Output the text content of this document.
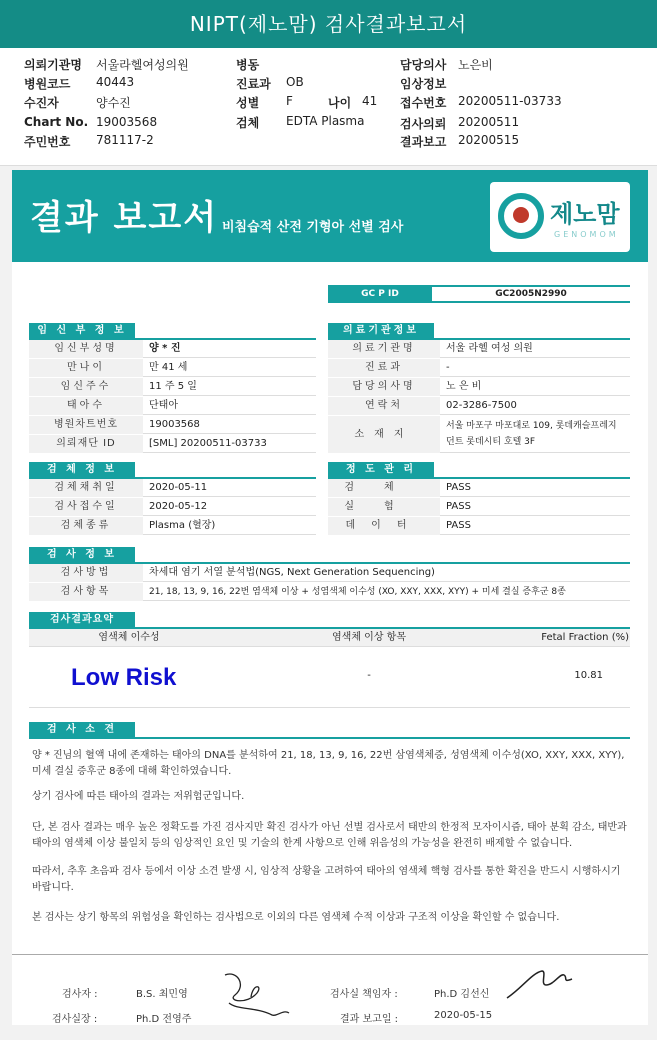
NIPT(제노맘) 검사결과보고서
의뢰기관명 서울라헬여성의원
병원코드 40443
수진자	양수진
Chart No. 19003568
주민번호 781117-2
병동
진료과 OB
성별 F	나이 41
검체 EDTA Plasma
담당의사 노은비
임상정보
접수번호 20200511-03733
검사의뢰 20200511
결과보고 20200515
결과 보고서 비침습적 산전 기형아 선별 검사	제노맘
GENOMOM
GC P ID	GC2005N2990
임 신 부 정 보
임신부성명	양 * 진
만나이	만 41 세
임신주수	11 주 5 일
태아수	단태아
병원차트번호	19003568
의뢰재단 ID	[SML] 20200511-03733
의료기관정보
의료기관명	서울 라헬 여성 의원
진료과	-
담당의사명	노 은 비
연락처	02-3286-7500
소재지
서울 마포구 마포대로 109, 롯데캐슬프레지
던트 롯데시티 호텔 3F
검 체 정 보
검체채취일	2020-05-11
검사접수일	2020-05-12
검체종류	Plasma (혈장)
정 도 관 리
검체	PASS
실험	PASS
데이터	PASS
검 사 정 보
검사방법	차세대 염기 서열 분석법(NGS, Next Generation Sequencing)
검사항목	21, 18, 13, 9, 16, 22번 염색체 이상 + 성염색체 이수성 (XO, XXY, XXX, XYY) + 미세 결실 증후군 8종
검사결과요약
염색체 이수성	염색체 이상 항목	Fetal Fraction (%)
Low Risk	-	10.81
검 사 소 견
양 * 진님의 혈액 내에 존재하는 태아의 DNA를 분석하여 21, 18, 13, 9, 16, 22번 삼염색체증, 성염색체 이수성(XO, XXY, XXX, XYY), 미세 결실 증후군 8종에 대해 확인하였습니다.
상기 검사에 따른 태아의 결과는 저위험군입니다.
단, 본 검사 결과는 매우 높은 정확도를 가진 검사지만 확진 검사가 아닌 선별 검사로서 태반의 한정적 모자이시즘, 태아 분획 감소, 태반과 태아의 염색체 이상 불일치 등의 임상적인 요인 및 기술의 한계 사항으로 인해 위음성의 가능성을 완전히 배제할 수 없습니다.
따라서, 추후 초음파 검사 등에서 이상 소견 발생 시, 임상적 상황을 고려하여 태아의 염색체 핵형 검사를 통한 확진을 반드시 시행하시기 바랍니다.
본 검사는 상기 항목의 위험성을 확인하는 검사법으로 이외의 다른 염색체 수적 이상과 구조적 이상을 확인할 수 없습니다.
검사자 :	B.S. 최민영	검사실 책임자 :	Ph.D 김선신
검사실장 :	Ph.D 전영주	결과 보고일 :	2020-05-15
